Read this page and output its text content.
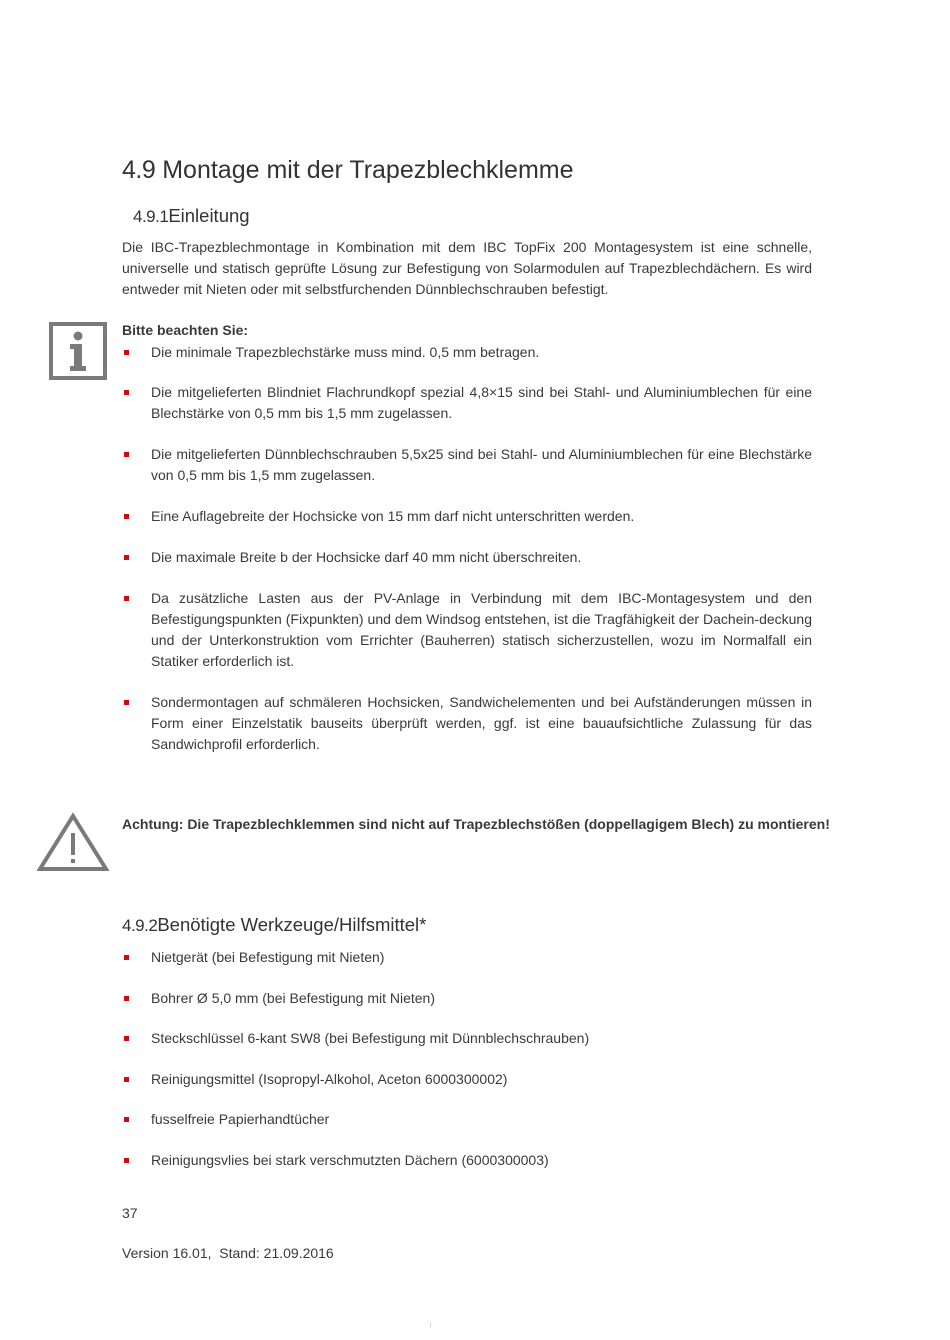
4.9 Montage mit der Trapezblechklemme
4.9.1Einleitung

Die IBC-Trapezblechmontage in Kombination mit dem IBC TopFix 200 Montagesystem ist eine schnelle, universelle und statisch geprüfte Lösung zur Befestigung von Solarmodulen auf Trapezblechdächern. Es wird entweder mit Nieten oder mit selbstfurchenden Dünnblechschrauben befestigt.

Bitte beachten Sie:
Die minimale Trapezblechstärke muss mind. 0,5 mm betragen.
Die mitgelieferten Blindniet Flachrundkopf spezial 4,8×15 sind bei Stahl- und Aluminiumblechen für eine Blechstärke von 0,5 mm bis 1,5 mm zugelassen.
Die mitgelieferten Dünnblechschrauben 5,5x25 sind bei Stahl- und Aluminiumblechen für eine Blechstärke von 0,5 mm bis 1,5 mm zugelassen.
Eine Auflagebreite der Hochsicke von 15 mm darf nicht unterschritten werden.
Die maximale Breite b der Hochsicke darf 40 mm nicht überschreiten.
Da zusätzliche Lasten aus der PV-Anlage in Verbindung mit dem IBC-Montagesystem und den Befestigungspunkten (Fixpunkten) und dem Windsog entstehen, ist die Tragfähigkeit der Dachein-deckung und der Unterkonstruktion vom Errichter (Bauherren) statisch sicherzustellen, wozu im Normalfall ein Statiker erforderlich ist.
Sondermontagen auf schmäleren Hochsicken, Sandwichelementen und bei Aufständerungen müssen in Form einer Einzelstatik bauseits überprüft werden, ggf. ist eine bauaufsichtliche Zulassung für das Sandwichprofil erforderlich.

Achtung: Die Trapezblechklemmen sind nicht auf Trapezblechstößen (doppellagigem Blech) zu montieren!

4.9.2Benötigte Werkzeuge/Hilfsmittel*
Nietgerät (bei Befestigung mit Nieten)
Bohrer Ø 5,0 mm (bei Befestigung mit Nieten)
Steckschlüssel 6-kant SW8 (bei Befestigung mit Dünnblechschrauben)
Reinigungsmittel (Isopropyl-Alkohol, Aceton 6000300002)
fusselfreie Papierhandtücher
Reinigungsvlies bei stark verschmutzten Dächern (6000300003)
37
Version 16.01,  Stand: 21.09.2016
